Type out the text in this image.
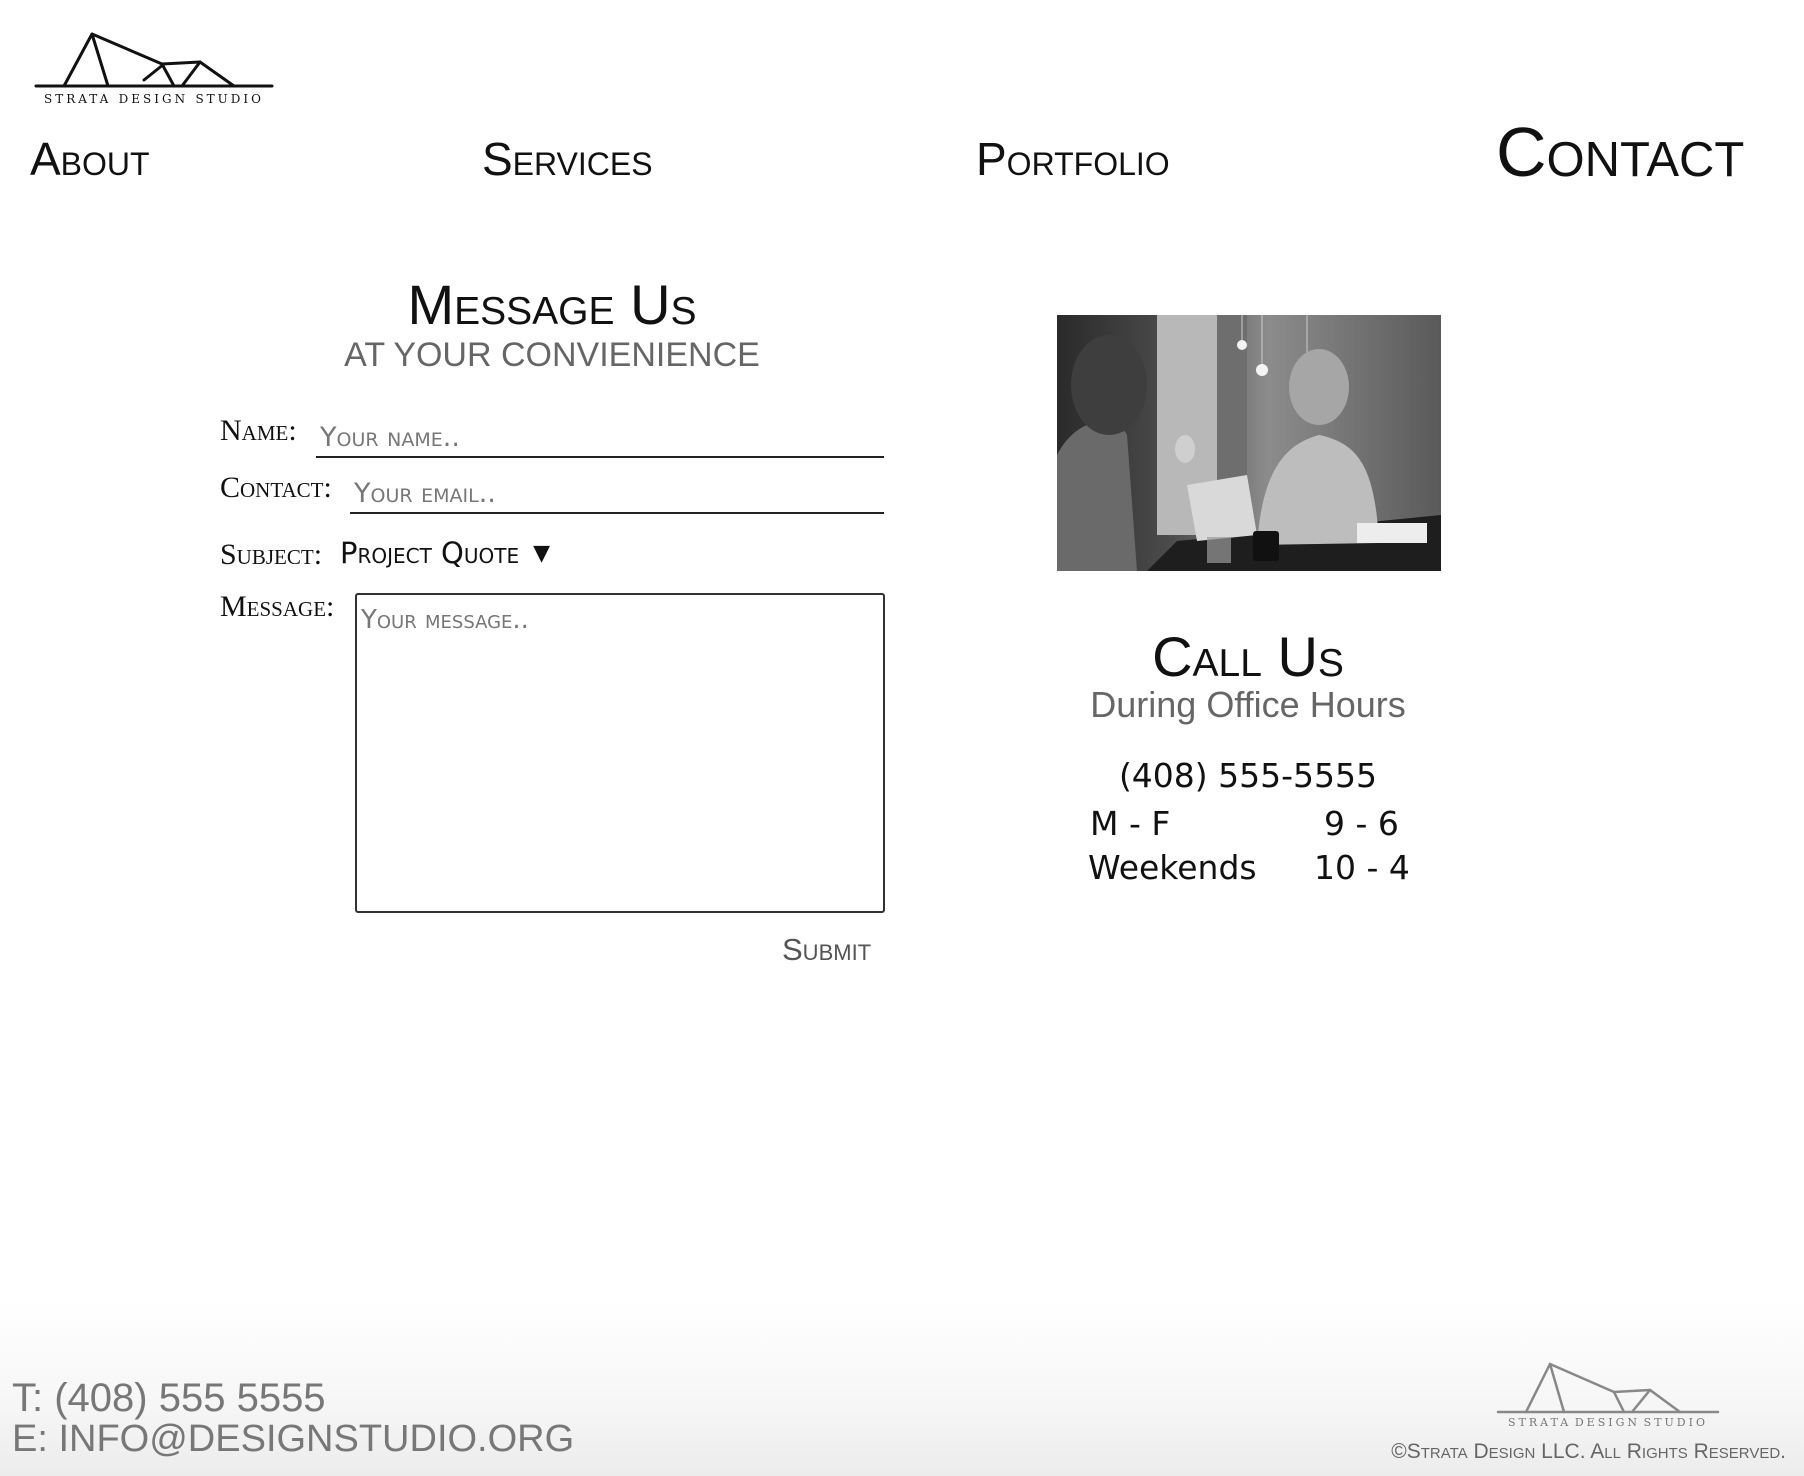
STRATA DESIGN STUDIO
About	Services	Portfolio	Contact
Message Us
AT YOUR CONVIENIENCE
Name:
Your name..
Contact:
Your email..
Subject: Project Quote ▼
Message:
Your message..
Submit
Call Us
During Office Hours
(408) 555-5555
M - F	9 - 6
Weekends 10 - 4
T: (408) 555 5555
E: INFO@DESIGNSTUDIO.ORG	STRATA DESIGN STUDIO
©Strata Design LLC. All Rights Reserved.
